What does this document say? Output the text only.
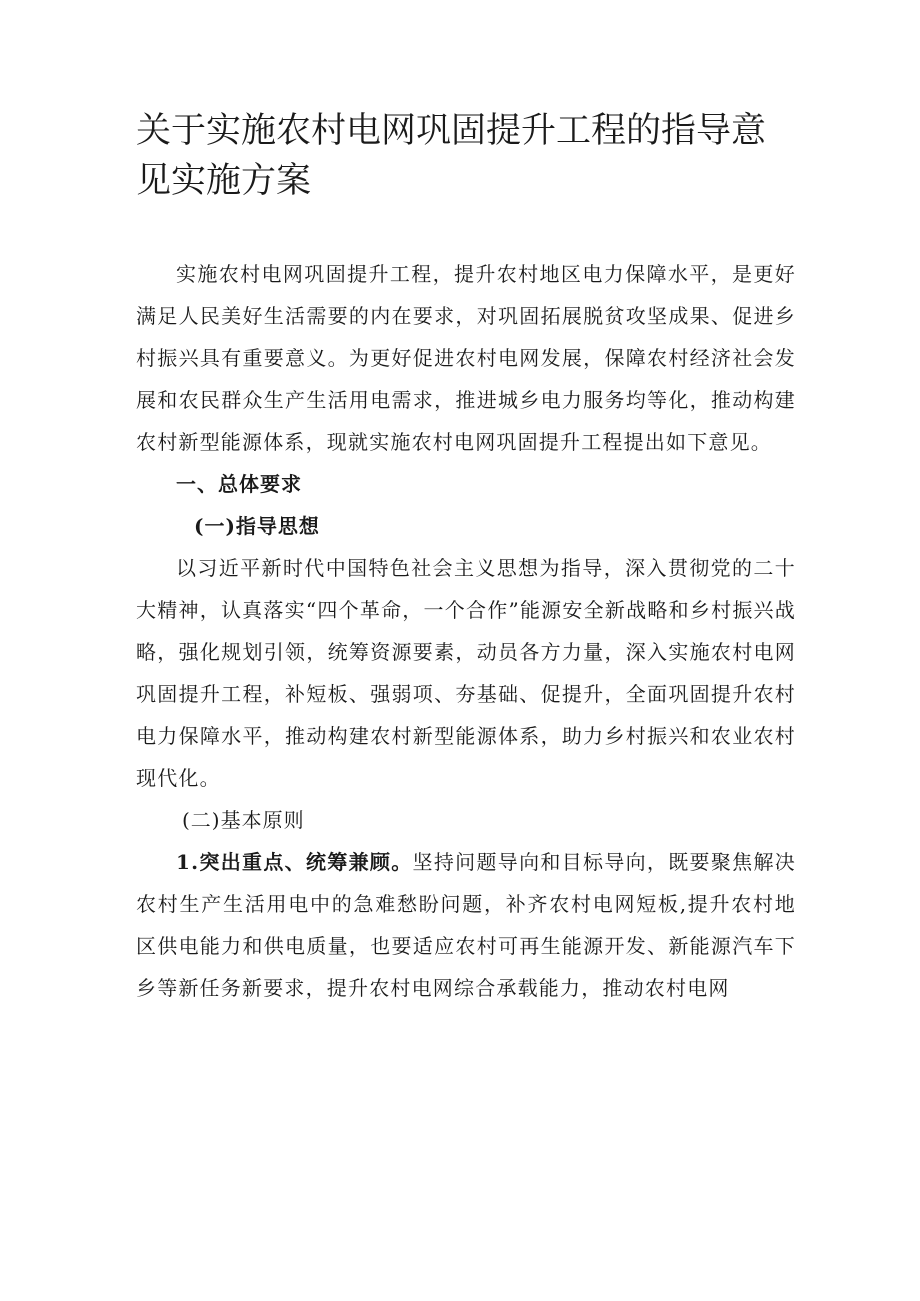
关于实施农村电网巩固提升工程的指导意见实施方案

实施农村电网巩固提升工程，提升农村地区电力保障水平，是更好满足人民美好生活需要的内在要求，对巩固拓展脱贫攻坚成果、促进乡村振兴具有重要意义。为更好促进农村电网发展，保障农村经济社会发展和农民群众生产生活用电需求，推进城乡电力服务均等化，推动构建农村新型能源体系，现就实施农村电网巩固提升工程提出如下意见。

一、总体要求

(一)指导思想

以习近平新时代中国特色社会主义思想为指导，深入贯彻党的二十大精神，认真落实“四个革命，一个合作”能源安全新战略和乡村振兴战略，强化规划引领，统筹资源要素，动员各方力量，深入实施农村电网巩固提升工程，补短板、强弱项、夯基础、促提升，全面巩固提升农村电力保障水平，推动构建农村新型能源体系，助力乡村振兴和农业农村现代化。

(二)基本原则

1.突出重点、统筹兼顾。坚持问题导向和目标导向，既要聚焦解决农村生产生活用电中的急难愁盼问题，补齐农村电网短板,提升农村地区供电能力和供电质量，也要适应农村可再生能源开发、新能源汽车下乡等新任务新要求，提升农村电网综合承载能力，推动农村电网
